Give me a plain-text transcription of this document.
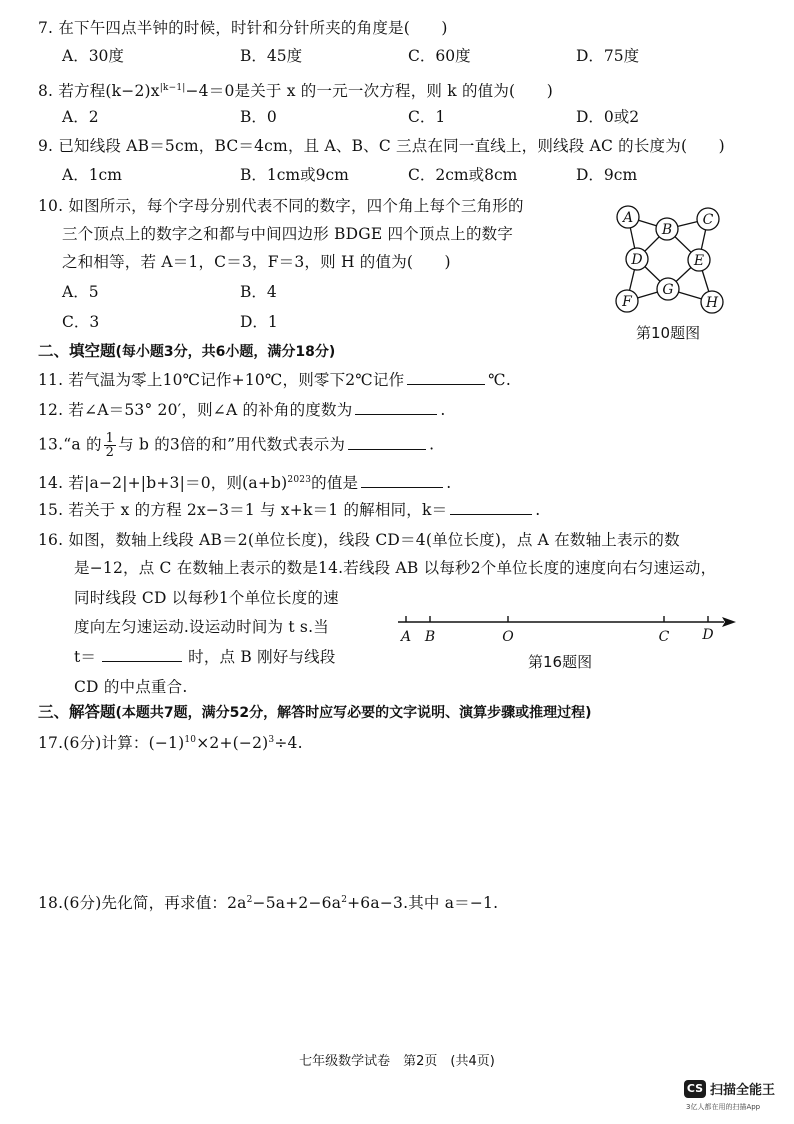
7. 在下午四点半钟的时候，时针和分针所夹的角度是(　　)
A．30度	B．45度	C．60度	D．75度
8. 若方程$(k-2)x^{|k-1|}-4=0$是关于 x 的一元一次方程，则 k 的值为(　　)
A．2	B．0	C．1	D．0或2
9. 已知线段 AB＝5cm，BC＝4cm，且 A、B、C 三点在同一直线上，则线段 AC 的长度为(　　)
A．1cm	B．1cm或9cm	C．2cm或8cm	D．9cm
10. 如图所示，每个字母分别代表不同的数字，四个角上每个三角形的
三个顶点上的数字之和都与中间四边形 BDGE 四个顶点上的数字
之和相等，若 A＝1，C＝3，F＝3，则 H 的值为(　　)
A．5	B．4
C．3	D．1
A
B
C
D	E
F
G
H
第10题图
二、填空题(每小题3分，共6小题，满分18分)
11. 若气温为零上10℃记作+10℃，则零下2℃记作	℃.
12. 若∠A＝53° 20′，则∠A 的补角的度数为	.
13.“a 的 $\frac{1}{2}$ 与 b 的3倍的和”用代数式表示为	.
14. 若|a−2|+|b+3|＝0，则$(a+b)^{2023}$的值是	.
15. 若关于 x 的方程 2x−3＝1 与 x+k＝1 的解相同，k＝	.
16. 如图，数轴上线段 AB＝2(单位长度)，线段 CD＝4(单位长度)，点 A 在数轴上表示的数
是−12，点 C 在数轴上表示的数是14.若线段 AB 以每秒2个单位长度的速度向右匀速运动，
同时线段 CD 以每秒1个单位长度的速
度向左匀速运动.设运动时间为 t s.当
t＝	时，点 B 刚好与线段
CD 的中点重合.
A B	O	C D
第16题图
三、解答题(本题共7题，满分52分，解答时应写必要的文字说明、演算步骤或推理过程)
17.(6分)计算：$(-1)^{10}\times 2+(-2)^3\div 4$.
18.(6分)先化简，再求值：$2a^2-5a+2-6a^2+6a-3$.其中 a＝−1.
七年级数学试卷　第2页　(共4页)
CS 扫描全能王
3亿人都在用的扫描App
